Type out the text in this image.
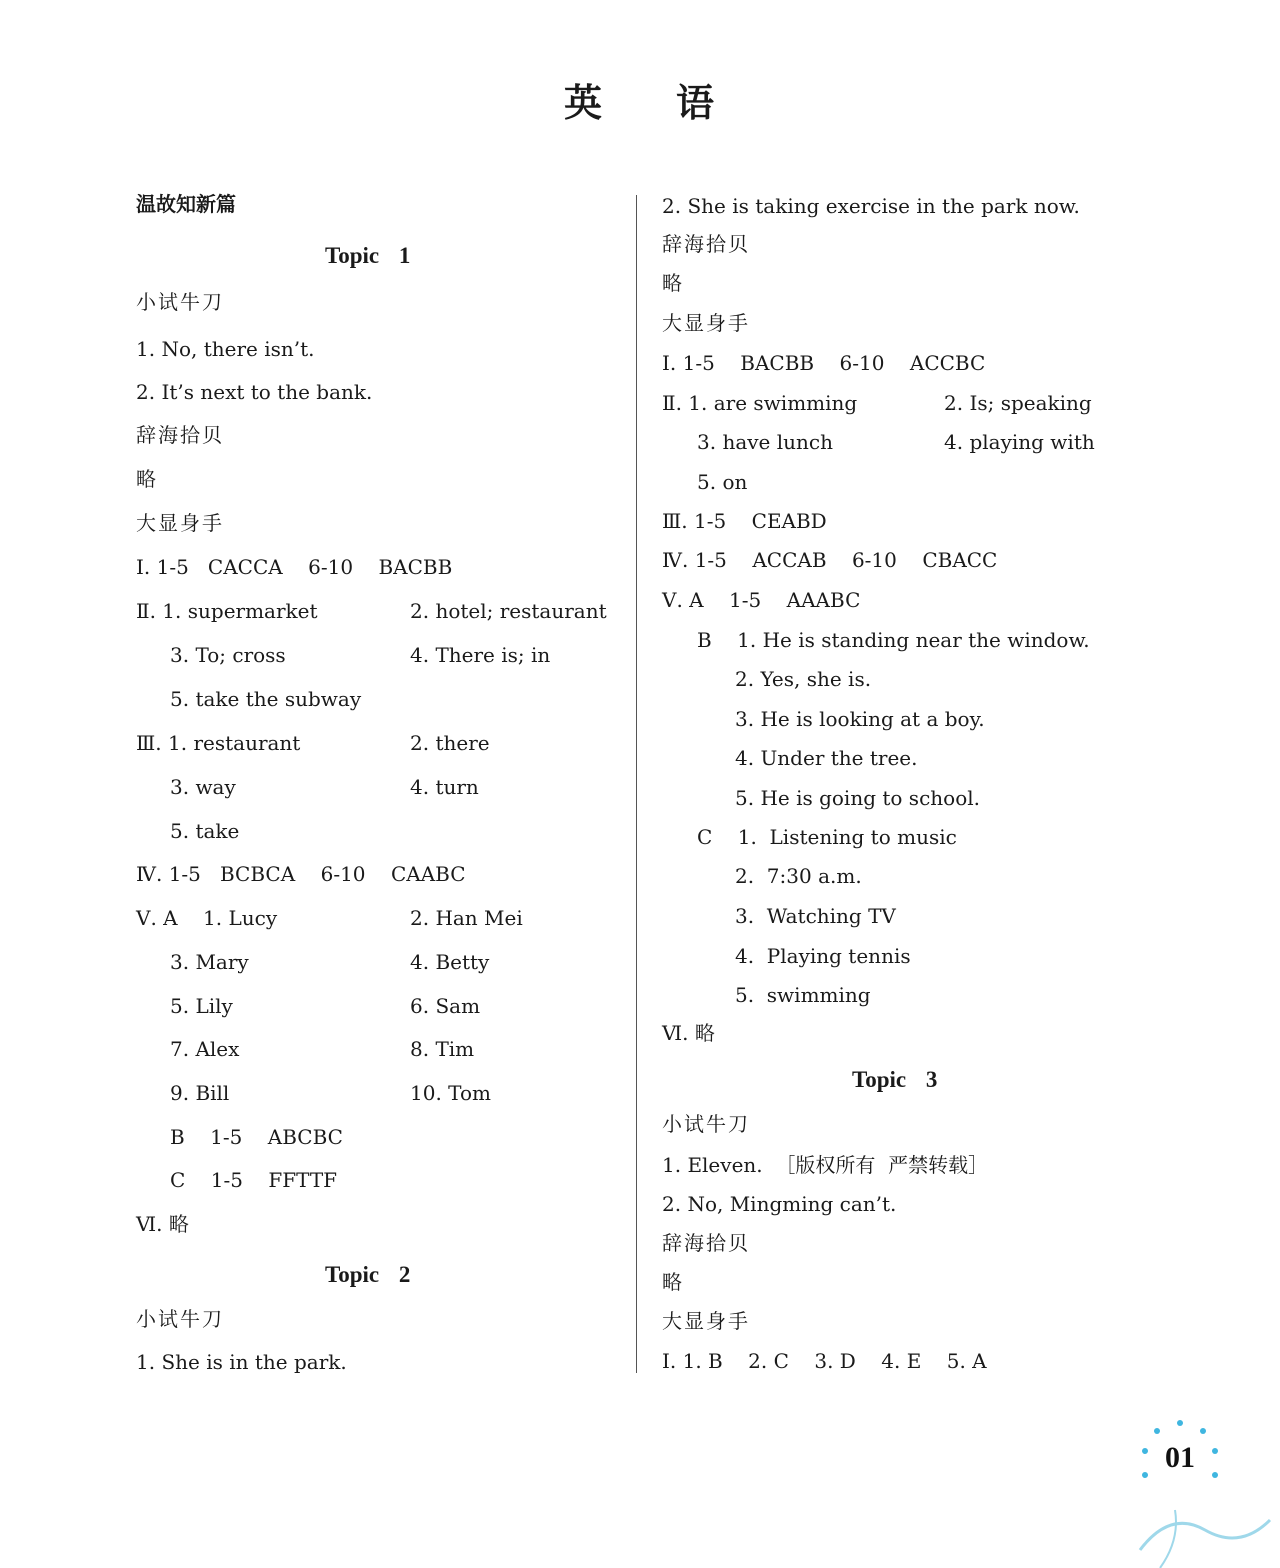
英 语
温故知新篇
Topic 1
小试牛刀
1. No, there isn’t.
2. It’s next to the bank.
辞海拾贝
略
大显身手
Ⅰ. 1-5   CACCA    6-10    BACBB
Ⅱ. 1. supermarket	2. hotel; restaurant
3. To; cross	4. There is; in
5. take the subway
Ⅲ. 1. restaurant	2. there
3. way	4. turn
5. take
Ⅳ. 1-5   BCBCA    6-10    CAABC
Ⅴ. A    1. Lucy	2. Han Mei
3. Mary	4. Betty
5. Lily	6. Sam
7. Alex	8. Tim
9. Bill	10. Tom
B    1-5    ABCBC
C    1-5    FFTTF
Ⅵ. 略
Topic 2
小试牛刀
1. She is in the park.
2. She is taking exercise in the park now.
辞海拾贝
略
大显身手
Ⅰ. 1-5    BACBB    6-10    ACCBC
Ⅱ. 1. are swimming	2. Is; speaking
3. have lunch	4. playing with
5. on
Ⅲ. 1-5    CEABD
Ⅳ. 1-5    ACCAB    6-10    CBACC
Ⅴ. A    1-5    AAABC
B    1. He is standing near the window.
2. Yes, she is.
3. He is looking at a boy.
4. Under the tree.
5. He is going to school.
C    1.  Listening to music
2.  7:30 a.m.
3.  Watching TV
4.  Playing tennis
5.  swimming
Ⅵ. 略
Topic 3
小试牛刀
1. Eleven.  ［版权所有  严禁转载］
2. No, Mingming can’t.
辞海拾贝
略
大显身手
Ⅰ. 1. B    2. C    3. D    4. E    5. A
01
